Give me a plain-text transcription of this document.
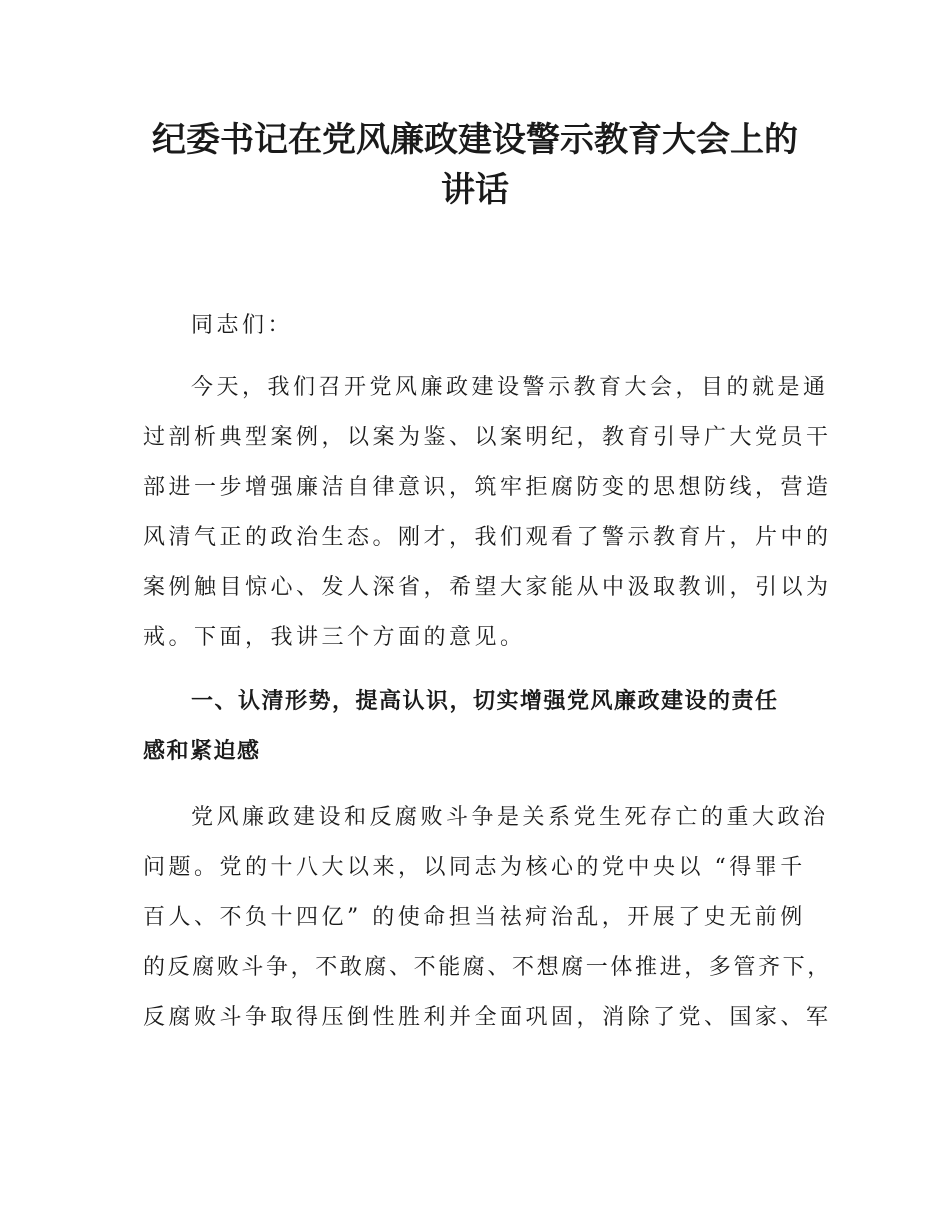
纪委书记在党风廉政建设警示教育大会上的
讲话

同志们：

今天，我们召开党风廉政建设警示教育大会，目的就是通

过剖析典型案例，以案为鉴、以案明纪，教育引导广大党员干

部进一步增强廉洁自律意识，筑牢拒腐防变的思想防线，营造

风清气正的政治生态。刚才，我们观看了警示教育片，片中的

案例触目惊心、发人深省，希望大家能从中汲取教训，引以为

戒。下面，我讲三个方面的意见。

一、认清形势，提高认识，切实增强党风廉政建设的责任

感和紧迫感

党风廉政建设和反腐败斗争是关系党生死存亡的重大政治

问题。党的十八大以来，以同志为核心的党中央以 “得罪千

百人、不负十四亿” 的使命担当祛疴治乱，开展了史无前例

的反腐败斗争，不敢腐、不能腐、不想腐一体推进，多管齐下，

反腐败斗争取得压倒性胜利并全面巩固，消除了党、国家、军
